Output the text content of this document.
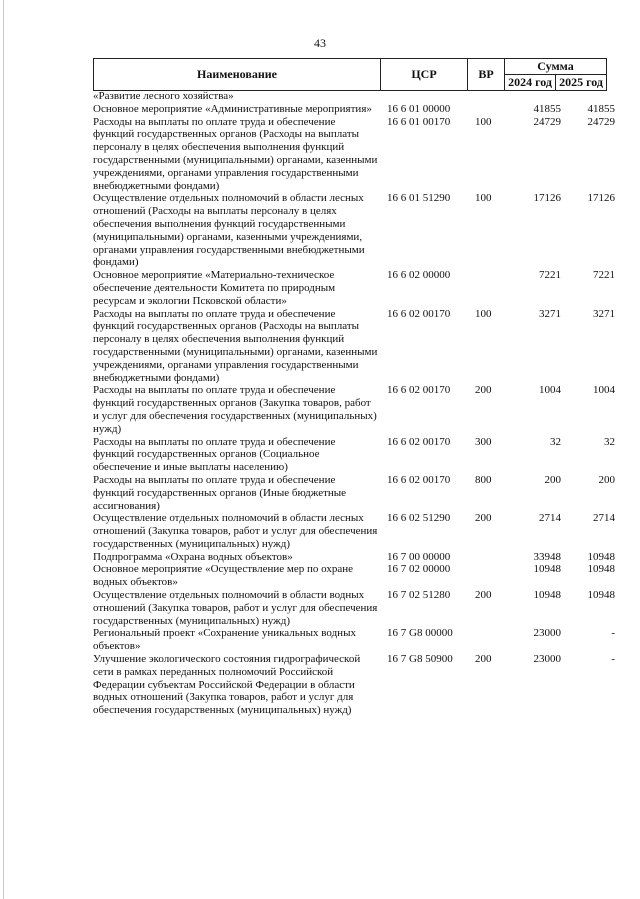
43
Наименование	ЦСР	ВР	Сумма	
			2024 год	2025 год
«Развитие лесного хозяйства»				
Основное мероприятие «Административные мероприятия»	16 6 01 00000		41855	41855
Расходы на выплаты по оплате труда и обеспечение функций государственных органов (Расходы на выплаты персоналу в целях обеспечения выполнения функций государственными (муниципальными) органами, казенными учреждениями, органами управления государственными внебюджетными фондами)	16 6 01 00170	100	24729	24729
Осуществление отдельных полномочий в области лесных отношений (Расходы на выплаты персоналу в целях обеспечения выполнения функций государственными (муниципальными) органами, казенными учреждениями, органами управления государственными внебюджетными фондами)	16 6 01 51290	100	17126	17126
Основное мероприятие «Материально-техническое обеспечение деятельности Комитета по природным ресурсам и экологии Псковской области»	16 6 02 00000		7221	7221
Расходы на выплаты по оплате труда и обеспечение функций государственных органов (Расходы на выплаты персоналу в целях обеспечения выполнения функций государственными (муниципальными) органами, казенными учреждениями, органами управления государственными внебюджетными фондами)	16 6 02 00170	100	3271	3271
Расходы на выплаты по оплате труда и обеспечение функций государственных органов (Закупка товаров, работ и услуг для обеспечения государственных (муниципальных) нужд)	16 6 02 00170	200	1004	1004
Расходы на выплаты по оплате труда и обеспечение функций государственных органов (Социальное обеспечение и иные выплаты населению)	16 6 02 00170	300	32	32
Расходы на выплаты по оплате труда и обеспечение функций государственных органов (Иные бюджетные ассигнования)	16 6 02 00170	800	200	200
Осуществление отдельных полномочий в области лесных отношений (Закупка товаров, работ и услуг для обеспечения государственных (муниципальных) нужд)	16 6 02 51290	200	2714	2714
Подпрограмма «Охрана водных объектов»	16 7 00 00000		33948	10948
Основное мероприятие «Осуществление мер по охране водных объектов»	16 7 02 00000		10948	10948
Осуществление отдельных полномочий в области водных отношений (Закупка товаров, работ и услуг для обеспечения государственных (муниципальных) нужд)	16 7 02 51280	200	10948	10948
Региональный проект «Сохранение уникальных водных объектов»	16 7 G8 00000		23000	-
Улучшение экологического состояния гидрографической сети в рамках переданных полномочий Российской Федерации субъектам Российской Федерации в области водных отношений (Закупка товаров, работ и услуг для обеспечения государственных (муниципальных) нужд)	16 7 G8 50900	200	23000	-
